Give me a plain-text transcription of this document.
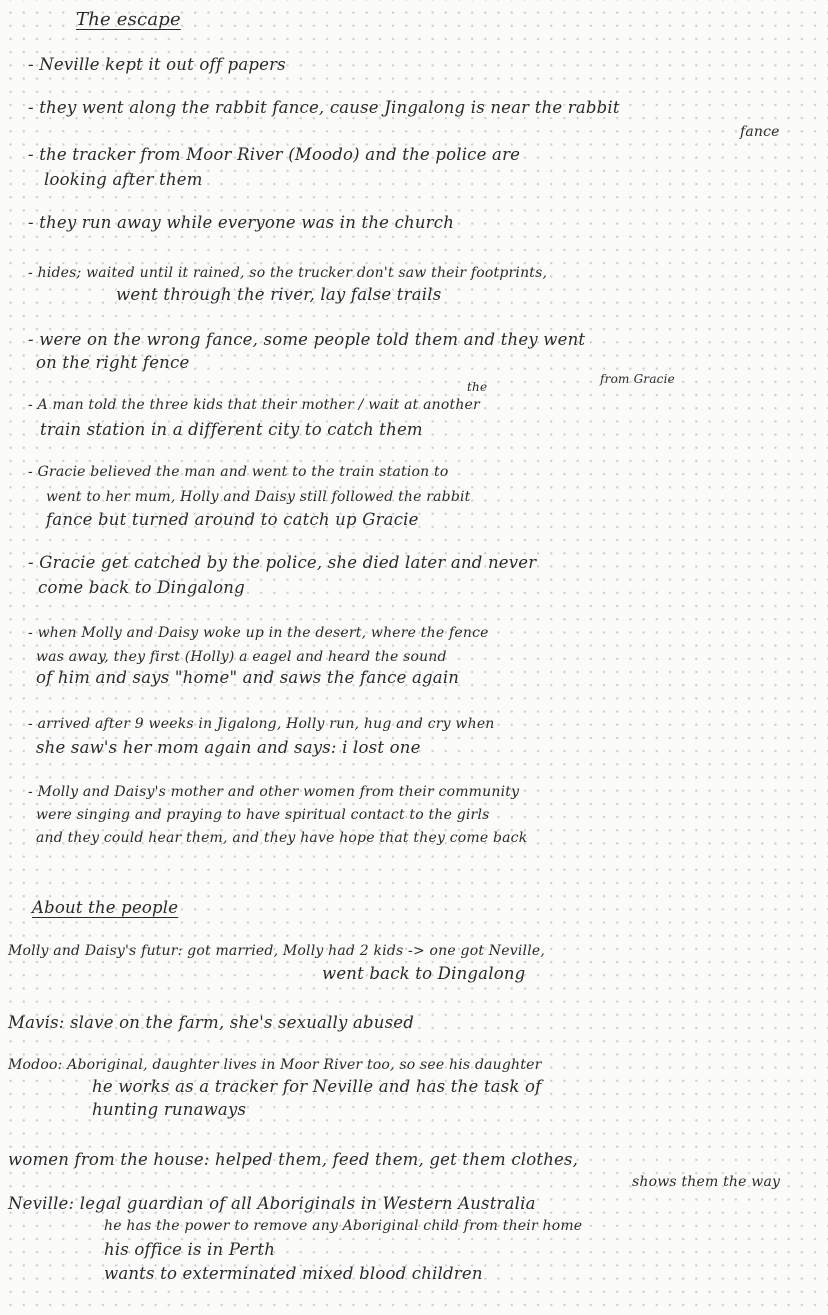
The escape
- Neville kept it out off papers
- they went along the rabbit fance, cause Jingalong is near the rabbit
fance
- the tracker from Moor River (Moodo) and the police are
looking after them
- they run away while everyone was in the church
- hides; waited until it rained, so the trucker don't saw their footprints,
went through the river, lay false trails
- were on the wrong fance, some people told them and they went
on the right fence
the
from Gracie
- A man told the three kids that their mother / wait at another
train station in a different city to catch them
- Gracie believed the man and went to the train station to
went to her mum, Holly and Daisy still followed the rabbit
fance but turned around to catch up Gracie
- Gracie get catched by the police, she died later and never
come back to Dingalong
- when Molly and Daisy woke up in the desert, where the fence
was away, they first (Holly) a eagel and heard the sound
of him and says "home" and saws the fance again
- arrived after 9 weeks in Jigalong, Holly run, hug and cry when
she saw's her mom again and says: i lost one
- Molly and Daisy's mother and other women from their community
were singing and praying to have spiritual contact to the girls
and they could hear them, and they have hope that they come back
About the people
Molly and Daisy's futur: got married, Molly had 2 kids -> one got Neville,
went back to Dingalong
Mavis: slave on the farm, she's sexually abused
Modoo: Aboriginal, daughter lives in Moor River too, so see his daughter
he works as a tracker for Neville and has the task of
hunting runaways
women from the house: helped them, feed them, get them clothes,
shows them the way
Neville: legal guardian of all Aboriginals in Western Australia
he has the power to remove any Aboriginal child from their home
his office is in Perth
wants to exterminated mixed blood children
